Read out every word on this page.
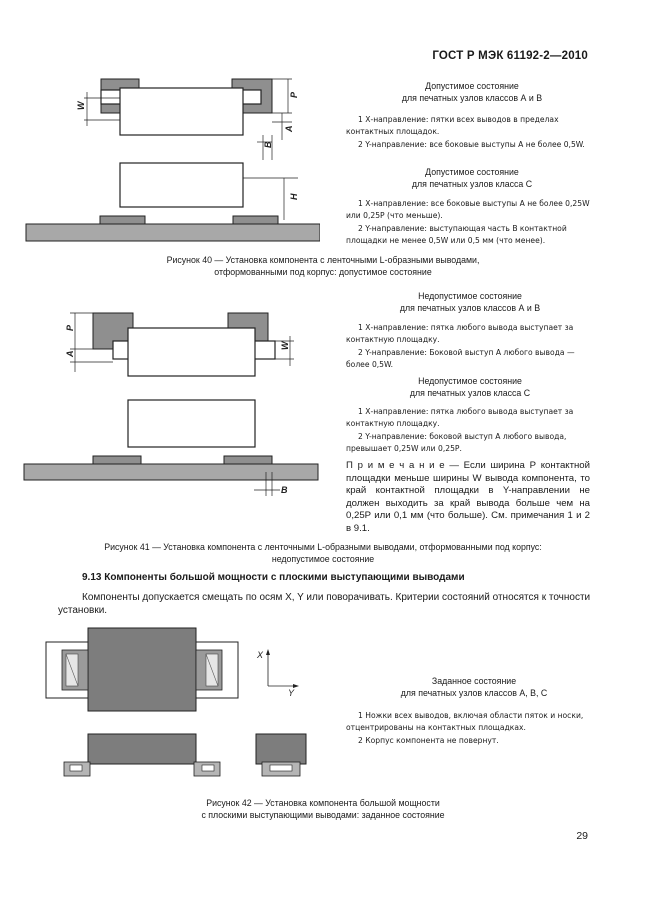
ГОСТ Р МЭК 61192-2—2010
W
P
A
B
H
Допустимое состояние
для печатных узлов классов А и В

1 Х-направление: пятки всех выводов в пределах контактных площадок.

2 Y-направление: все боковые выступы А не более 0,5W.

Допустимое состояние
для печатных узлов класса С

1 Х-направление: все боковые выступы А не более 0,25W или 0,25Р (что меньше).

2 Y-направление: выступающая часть В контактной площадки не менее 0,5W или 0,5 мм (что менее).

Рисунок 40 — Установка компонента с ленточными L-образными выводами,
отформованными под корпус: допустимое состояние
P
A
W
B
Недопустимое состояние
для печатных узлов классов А и В

1 Х-направление: пятка любого вывода выступает за контактную площадку.

2 Y-направление: Боковой выступ А любого вывода — более 0,5W.

Недопустимое состояние
для печатных узлов класса С

1 Х-направление: пятка любого вывода выступает за контактную площадку.

2 Y-направление: боковой выступ А любого вывода, превышает 0,25W или 0,25Р.

П р и м е ч а н и е — Если ширина Р контактной площадки меньше ширины W вывода компонента, то край контактной площадки в Y-направлении не должен выходить за край вывода больше чем на 0,25Р или 0,1 мм (что больше). См. примечания 1 и 2 в 9.1.
Рисунок 41 — Установка компонента с ленточными L-образными выводами, отформованными под корпус:
недопустимое состояние
9.13 Компоненты большой мощности с плоскими выступающими выводами
Компоненты допускается смещать по осям X, Y или поворачивать. Критерии состояний относятся к точности установки.
X
Y
Заданное состояние
для печатных узлов классов А, В, С

1 Ножки всех выводов, включая области пяток и носки, отцентрированы на контактных площадках.

2 Корпус компонента не повернут.

Рисунок 42 — Установка компонента большой мощности
с плоскими выступающими выводами: заданное состояние
29
